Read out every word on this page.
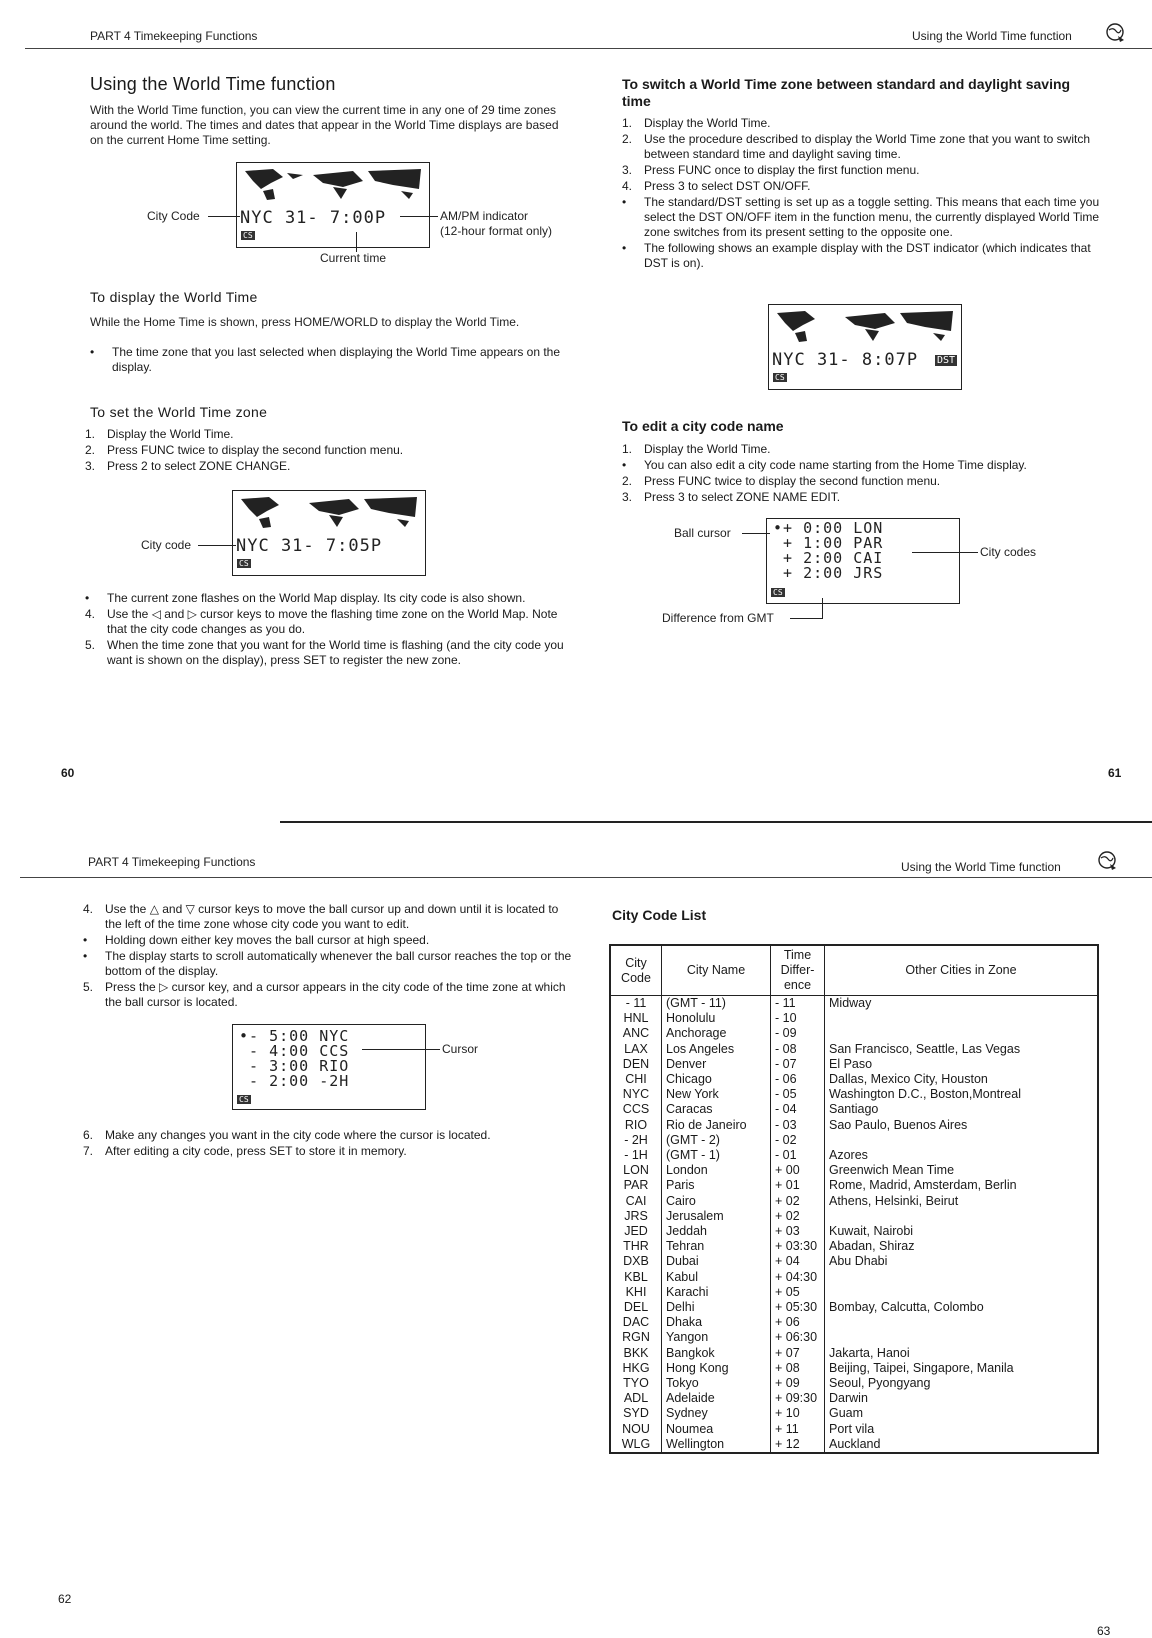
PART 4 Timekeeping Functions	Using the World Time function
Using the World Time function
With the World Time function, you can view the current time in any one of 29 time zones around the world. The times and dates that appear in the World Time displays are based on the current Home Time setting.
NYC 31- 7:00P
CS
City Code	AM/PM indicator
(12-hour format only)
Current time
To display the World Time
While the Home Time is shown, press HOME/WORLD to display the World Time.
• The time zone that you last selected when displaying the World Time appears on the display.
To set the World Time zone
1. Display the World Time.
2. Press FUNC twice to display the second function menu.
3. Press 2 to select ZONE CHANGE.
NYC 31- 7:05P
CS
City code
• The current zone flashes on the World Map display. Its city code is also shown.
4. Use the ◁ and ▷ cursor keys to move the flashing time zone on the World Map. Note that the city code changes as you do.
5. When the time zone that you want for the World time is flashing (and the city code you want is shown on the display), press SET to register the new zone.
60
To switch a World Time zone between standard and daylight saving time
1. Display the World Time.
2. Use the procedure described to display the World Time zone that you want to switch between standard time and daylight saving time.
3. Press FUNC once to display the first function menu.
4. Press 3 to select DST ON/OFF.
• The standard/DST setting is set up as a toggle setting. This means that each time you select the DST ON/OFF item in the function menu, the currently displayed World Time zone switches from its present setting to the opposite one.
• The following shows an example display with the DST indicator (which indicates that DST is on).
NYC 31- 8:07P DST
CS
To edit a city code name
1. Display the World Time.
• You can also edit a city code name starting from the Home Time display.
2. Press FUNC twice to display the second function menu.
3. Press 3 to select ZONE NAME EDIT.
•+ 0:00 LON
+ 1:00 PAR
+ 2:00 CAI
+ 2:00 JRS
CS
Ball cursor
City codes
Difference from GMT
61
PART 4 Timekeeping Functions	Using the World Time function
4. Use the △ and ▽ cursor keys to move the ball cursor up and down until it is located to the left of the time zone whose city code you want to edit.
• Holding down either key moves the ball cursor at high speed.
• The display starts to scroll automatically whenever the ball cursor reaches the top or the bottom of the display.
5. Press the ▷ cursor key, and a cursor appears in the city code of the time zone at which the ball cursor is located.
•- 5:00 NYC
- 4:00 CCS
- 3:00 RIO
- 2:00 -2H
CS
Cursor
6. Make any changes you want in the city code where the cursor is located.
7. After editing a city code, press SET to store it in memory.
62
City Code List
City Code	City Name	Time Differ-ence	Other Cities in Zone
- 11	(GMT - 11)	- 11	Midway
HNL	Honolulu	- 10	
ANC	Anchorage	- 09	
LAX	Los Angeles	- 08	San Francisco, Seattle, Las Vegas
DEN	Denver	- 07	El Paso
CHI	Chicago	- 06	Dallas, Mexico City, Houston
NYC	New York	- 05	Washington D.C., Boston,Montreal
CCS	Caracas	- 04	Santiago
RIO	Rio de Janeiro	- 03	Sao Paulo, Buenos Aires
- 2H	(GMT - 2)	- 02	
- 1H	(GMT - 1)	- 01	Azores
LON	London	+ 00	Greenwich Mean Time
PAR	Paris	+ 01	Rome, Madrid, Amsterdam, Berlin
CAI	Cairo	+ 02	Athens, Helsinki, Beirut
JRS	Jerusalem	+ 02	
JED	Jeddah	+ 03	Kuwait, Nairobi
THR	Tehran	+ 03:30	Abadan, Shiraz
DXB	Dubai	+ 04	Abu Dhabi
KBL	Kabul	+ 04:30	
KHI	Karachi	+ 05	
DEL	Delhi	+ 05:30	Bombay, Calcutta, Colombo
DAC	Dhaka	+ 06	
RGN	Yangon	+ 06:30	
BKK	Bangkok	+ 07	Jakarta, Hanoi
HKG	Hong Kong	+ 08	Beijing, Taipei, Singapore, Manila
TYO	Tokyo	+ 09	Seoul, Pyongyang
ADL	Adelaide	+ 09:30	Darwin
SYD	Sydney	+ 10	Guam
NOU	Noumea	+ 11	Port vila
WLG	Wellington	+ 12	Auckland
63
